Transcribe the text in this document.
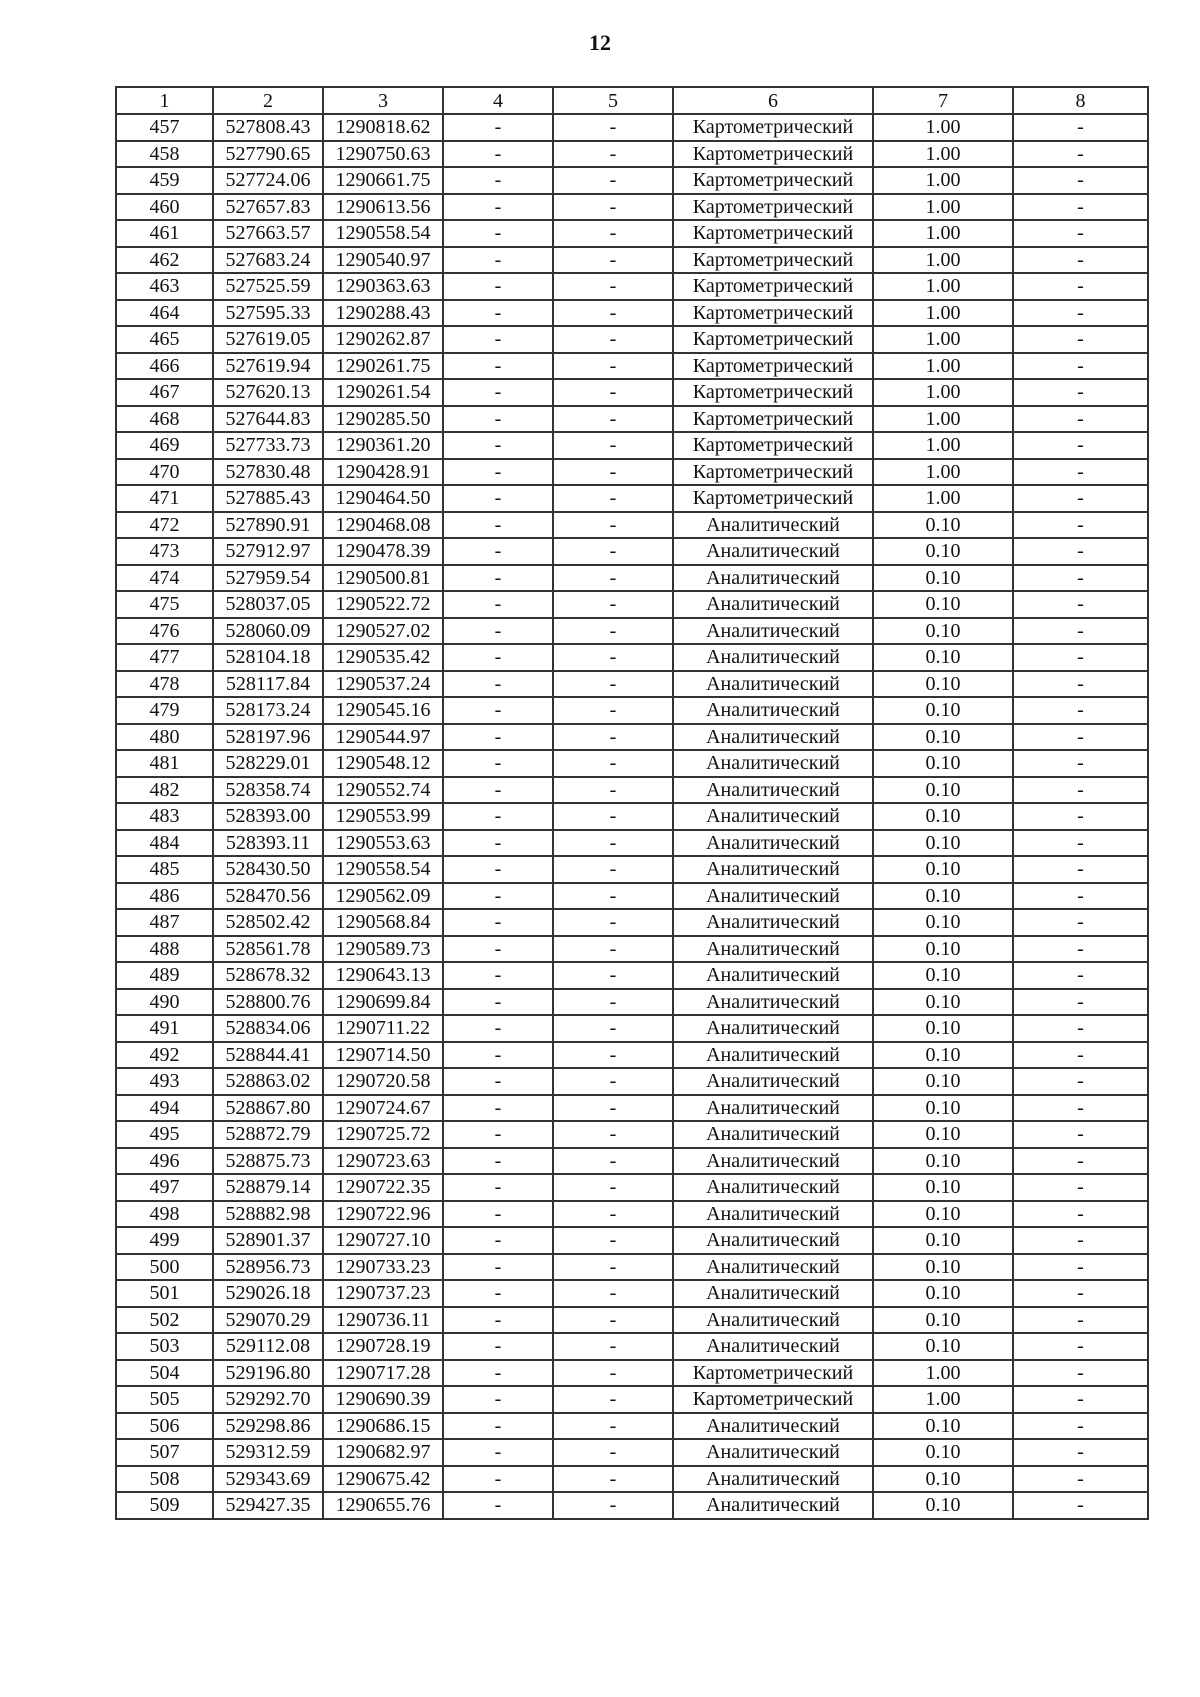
12
1	2	3	4	5	6	7	8
457	527808.43	1290818.62	-	-	Картометрический	1.00	-
458	527790.65	1290750.63	-	-	Картометрический	1.00	-
459	527724.06	1290661.75	-	-	Картометрический	1.00	-
460	527657.83	1290613.56	-	-	Картометрический	1.00	-
461	527663.57	1290558.54	-	-	Картометрический	1.00	-
462	527683.24	1290540.97	-	-	Картометрический	1.00	-
463	527525.59	1290363.63	-	-	Картометрический	1.00	-
464	527595.33	1290288.43	-	-	Картометрический	1.00	-
465	527619.05	1290262.87	-	-	Картометрический	1.00	-
466	527619.94	1290261.75	-	-	Картометрический	1.00	-
467	527620.13	1290261.54	-	-	Картометрический	1.00	-
468	527644.83	1290285.50	-	-	Картометрический	1.00	-
469	527733.73	1290361.20	-	-	Картометрический	1.00	-
470	527830.48	1290428.91	-	-	Картометрический	1.00	-
471	527885.43	1290464.50	-	-	Картометрический	1.00	-
472	527890.91	1290468.08	-	-	Аналитический	0.10	-
473	527912.97	1290478.39	-	-	Аналитический	0.10	-
474	527959.54	1290500.81	-	-	Аналитический	0.10	-
475	528037.05	1290522.72	-	-	Аналитический	0.10	-
476	528060.09	1290527.02	-	-	Аналитический	0.10	-
477	528104.18	1290535.42	-	-	Аналитический	0.10	-
478	528117.84	1290537.24	-	-	Аналитический	0.10	-
479	528173.24	1290545.16	-	-	Аналитический	0.10	-
480	528197.96	1290544.97	-	-	Аналитический	0.10	-
481	528229.01	1290548.12	-	-	Аналитический	0.10	-
482	528358.74	1290552.74	-	-	Аналитический	0.10	-
483	528393.00	1290553.99	-	-	Аналитический	0.10	-
484	528393.11	1290553.63	-	-	Аналитический	0.10	-
485	528430.50	1290558.54	-	-	Аналитический	0.10	-
486	528470.56	1290562.09	-	-	Аналитический	0.10	-
487	528502.42	1290568.84	-	-	Аналитический	0.10	-
488	528561.78	1290589.73	-	-	Аналитический	0.10	-
489	528678.32	1290643.13	-	-	Аналитический	0.10	-
490	528800.76	1290699.84	-	-	Аналитический	0.10	-
491	528834.06	1290711.22	-	-	Аналитический	0.10	-
492	528844.41	1290714.50	-	-	Аналитический	0.10	-
493	528863.02	1290720.58	-	-	Аналитический	0.10	-
494	528867.80	1290724.67	-	-	Аналитический	0.10	-
495	528872.79	1290725.72	-	-	Аналитический	0.10	-
496	528875.73	1290723.63	-	-	Аналитический	0.10	-
497	528879.14	1290722.35	-	-	Аналитический	0.10	-
498	528882.98	1290722.96	-	-	Аналитический	0.10	-
499	528901.37	1290727.10	-	-	Аналитический	0.10	-
500	528956.73	1290733.23	-	-	Аналитический	0.10	-
501	529026.18	1290737.23	-	-	Аналитический	0.10	-
502	529070.29	1290736.11	-	-	Аналитический	0.10	-
503	529112.08	1290728.19	-	-	Аналитический	0.10	-
504	529196.80	1290717.28	-	-	Картометрический	1.00	-
505	529292.70	1290690.39	-	-	Картометрический	1.00	-
506	529298.86	1290686.15	-	-	Аналитический	0.10	-
507	529312.59	1290682.97	-	-	Аналитический	0.10	-
508	529343.69	1290675.42	-	-	Аналитический	0.10	-
509	529427.35	1290655.76	-	-	Аналитический	0.10	-
